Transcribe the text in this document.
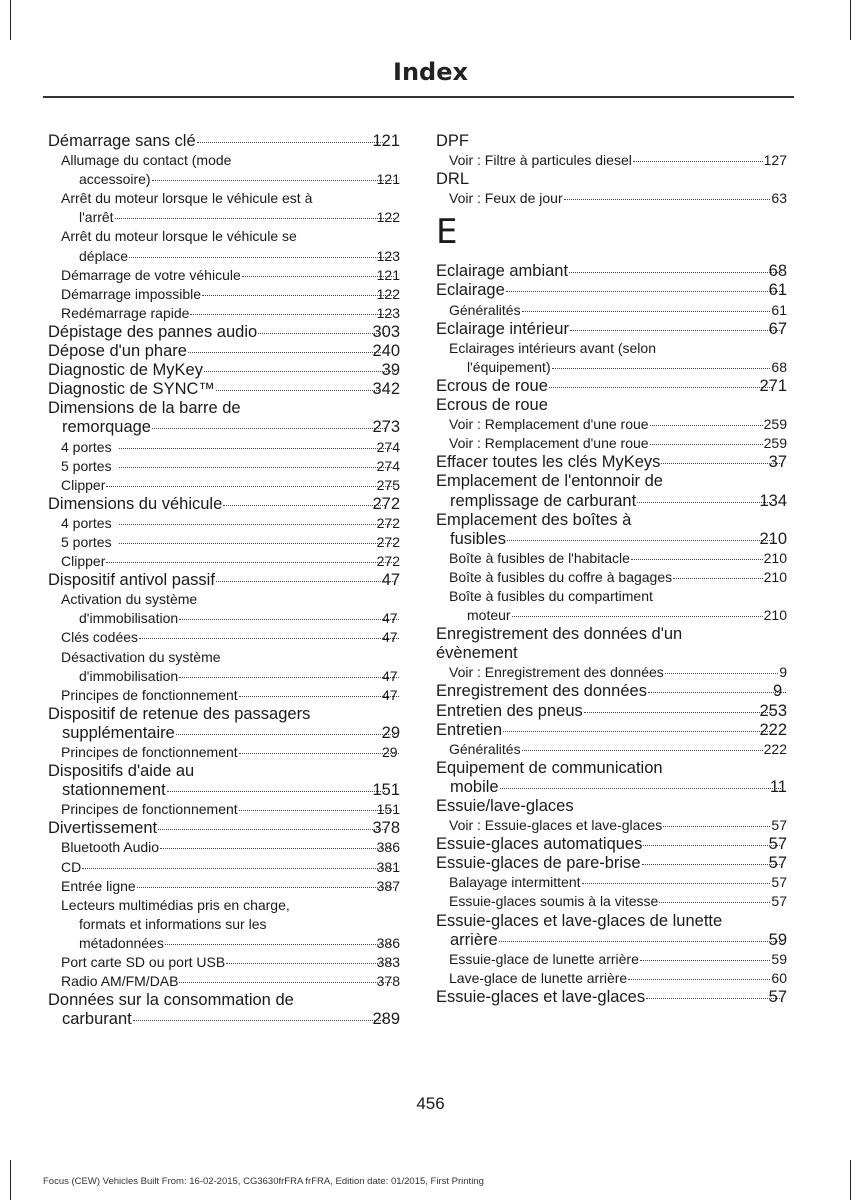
Index
Démarrage sans clé	121
Allumage du contact (mode
accessoire)	121
Arrêt du moteur lorsque le véhicule est à
l'arrêt	122
Arrêt du moteur lorsque le véhicule se
déplace	123
Démarrage de votre véhicule	121
Démarrage impossible	122
Redémarrage rapide	123
Dépistage des pannes audio	303
Dépose d'un phare	240
Diagnostic de MyKey	39
Diagnostic de SYNC™	342
Dimensions de la barre de
remorquage	273
4 portes	274
5 portes	274
Clipper	275
Dimensions du véhicule	272
4 portes	272
5 portes	272
Clipper	272
Dispositif antivol passif	47
Activation du système
d'immobilisation	47
Clés codées	47
Désactivation du système
d'immobilisation	47
Principes de fonctionnement	47
Dispositif de retenue des passagers
supplémentaire	29
Principes de fonctionnement	29
Dispositifs d'aide au
stationnement	151
Principes de fonctionnement	151
Divertissement	378
Bluetooth Audio	386
CD	381
Entrée ligne	387
Lecteurs multimédias pris en charge,
formats et informations sur les
métadonnées	386
Port carte SD ou port USB	383
Radio AM/FM/DAB	378
Données sur la consommation de
carburant	289
DPF
Voir : Filtre à particules diesel	127
DRL
Voir : Feux de jour	63
E
Eclairage ambiant	68
Eclairage	61
Généralités	61
Eclairage intérieur	67
Eclairages intérieurs avant (selon
l'équipement)	68
Ecrous de roue	271
Ecrous de roue
Voir : Remplacement d'une roue	259
Voir : Remplacement d'une roue	259
Effacer toutes les clés MyKeys	37
Emplacement de l'entonnoir de
remplissage de carburant	134
Emplacement des boîtes à
fusibles	210
Boîte à fusibles de l'habitacle	210
Boîte à fusibles du coffre à bagages	210
Boîte à fusibles du compartiment
moteur	210
Enregistrement des données d'un
évènement
Voir : Enregistrement des données	9
Enregistrement des données	9
Entretien des pneus	253
Entretien	222
Généralités	222
Equipement de communication
mobile	11
Essuie/lave-glaces
Voir : Essuie-glaces et lave-glaces	57
Essuie-glaces automatiques	57
Essuie-glaces de pare-brise	57
Balayage intermittent	57
Essuie-glaces soumis à la vitesse	57
Essuie-glaces et lave-glaces de lunette
arrière	59
Essuie-glace de lunette arrière	59
Lave-glace de lunette arrière	60
Essuie-glaces et lave-glaces	57
456
Focus (CEW) Vehicles Built From: 16-02-2015, CG3630frFRA frFRA, Edition date: 01/2015, First Printing
